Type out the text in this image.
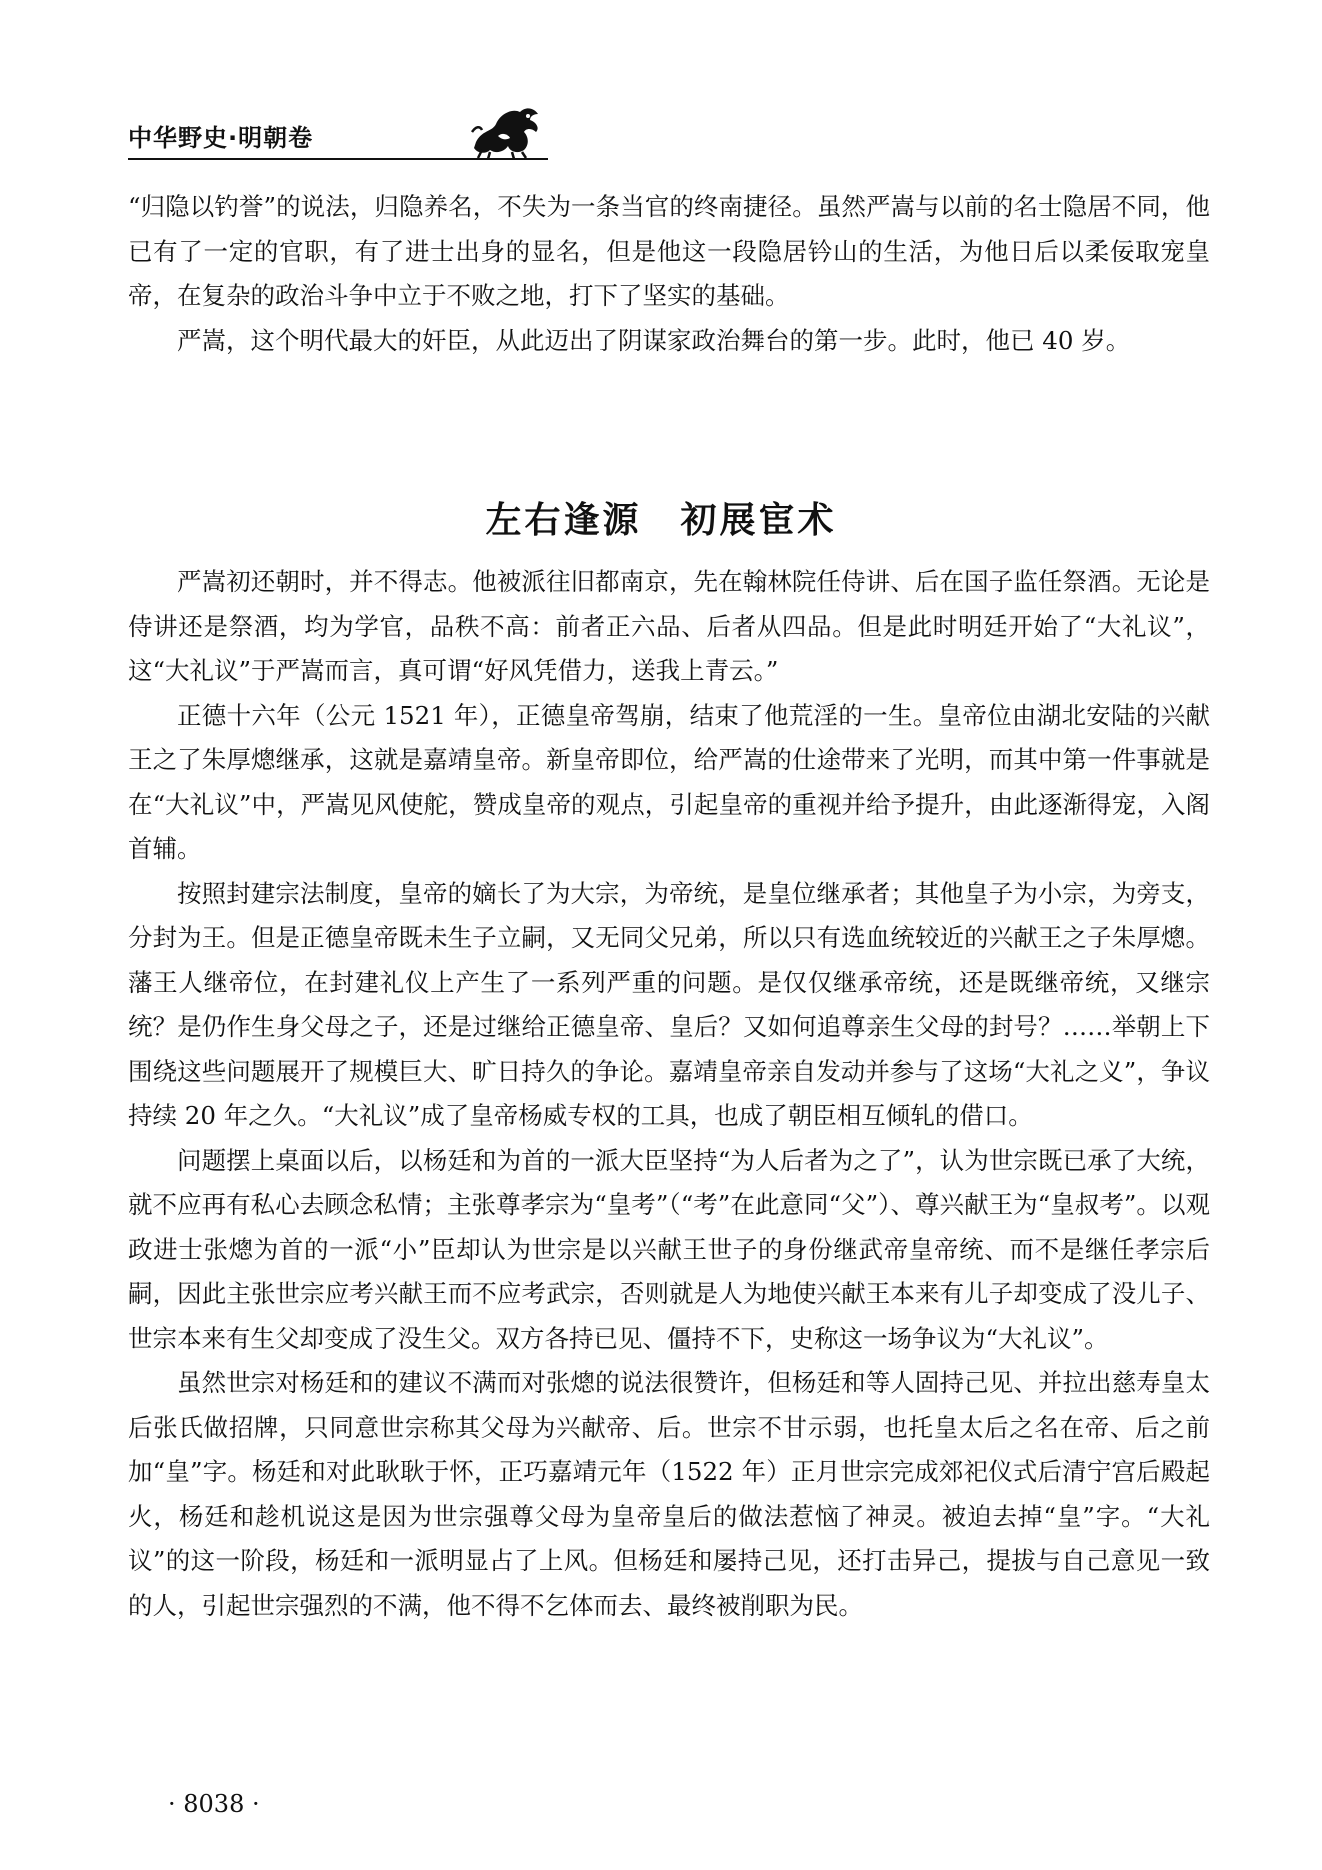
中华野史·明朝卷

“归隐以钓誉”的说法，归隐养名，不失为一条当官的终南捷径。虽然严嵩与以前的名士隐居不同，他已有了一定的官职，有了进士出身的显名，但是他这一段隐居钤山的生活，为他日后以柔佞取宠皇帝，在复杂的政治斗争中立于不败之地，打下了坚实的基础。

严嵩，这个明代最大的奸臣，从此迈出了阴谋家政治舞台的第一步。此时，他已 40 岁。

左右逢源　初展宦术

严嵩初还朝时，并不得志。他被派往旧都南京，先在翰林院任侍讲、后在国子监任祭酒。无论是侍讲还是祭酒，均为学官，品秩不高：前者正六品、后者从四品。但是此时明廷开始了“大礼议”，这“大礼议”于严嵩而言，真可谓“好风凭借力，送我上青云。”

正德十六年（公元 1521 年），正德皇帝驾崩，结束了他荒淫的一生。皇帝位由湖北安陆的兴献王之了朱厚熜继承，这就是嘉靖皇帝。新皇帝即位，给严嵩的仕途带来了光明，而其中第一件事就是在“大礼议”中，严嵩见风使舵，赞成皇帝的观点，引起皇帝的重视并给予提升，由此逐渐得宠，入阁首辅。

按照封建宗法制度，皇帝的嫡长了为大宗，为帝统，是皇位继承者；其他皇子为小宗，为旁支，分封为王。但是正德皇帝既未生子立嗣，又无同父兄弟，所以只有选血统较近的兴献王之子朱厚熜。藩王人继帝位，在封建礼仪上产生了一系列严重的问题。是仅仅继承帝统，还是既继帝统，又继宗统？是仍作生身父母之子，还是过继给正德皇帝、皇后？又如何追尊亲生父母的封号？……举朝上下围绕这些问题展开了规模巨大、旷日持久的争论。嘉靖皇帝亲自发动并参与了这场“大礼之义”，争议持续 20 年之久。“大礼议”成了皇帝杨威专权的工具，也成了朝臣相互倾轧的借口。

问题摆上桌面以后，以杨廷和为首的一派大臣坚持“为人后者为之了”，认为世宗既已承了大统，就不应再有私心去顾念私情；主张尊孝宗为“皇考”（“考”在此意同“父”）、尊兴献王为“皇叔考”。以观政进士张熜为首的一派“小”臣却认为世宗是以兴献王世子的身份继武帝皇帝统、而不是继任孝宗后嗣，因此主张世宗应考兴献王而不应考武宗，否则就是人为地使兴献王本来有儿子却变成了没儿子、世宗本来有生父却变成了没生父。双方各持已见、僵持不下，史称这一场争议为“大礼议”。

虽然世宗对杨廷和的建议不满而对张熜的说法很赞许，但杨廷和等人固持己见、并拉出慈寿皇太后张氏做招牌，只同意世宗称其父母为兴献帝、后。世宗不甘示弱，也托皇太后之名在帝、后之前加“皇”字。杨廷和对此耿耿于怀，正巧嘉靖元年（1522 年）正月世宗完成郊祀仪式后清宁宫后殿起火，杨廷和趁机说这是因为世宗强尊父母为皇帝皇后的做法惹恼了神灵。被迫去掉“皇”字。“大礼议”的这一阶段，杨廷和一派明显占了上风。但杨廷和屡持己见，还打击异己，提拔与自己意见一致的人，引起世宗强烈的不满，他不得不乞体而去、最终被削职为民。

· 8038 ·
